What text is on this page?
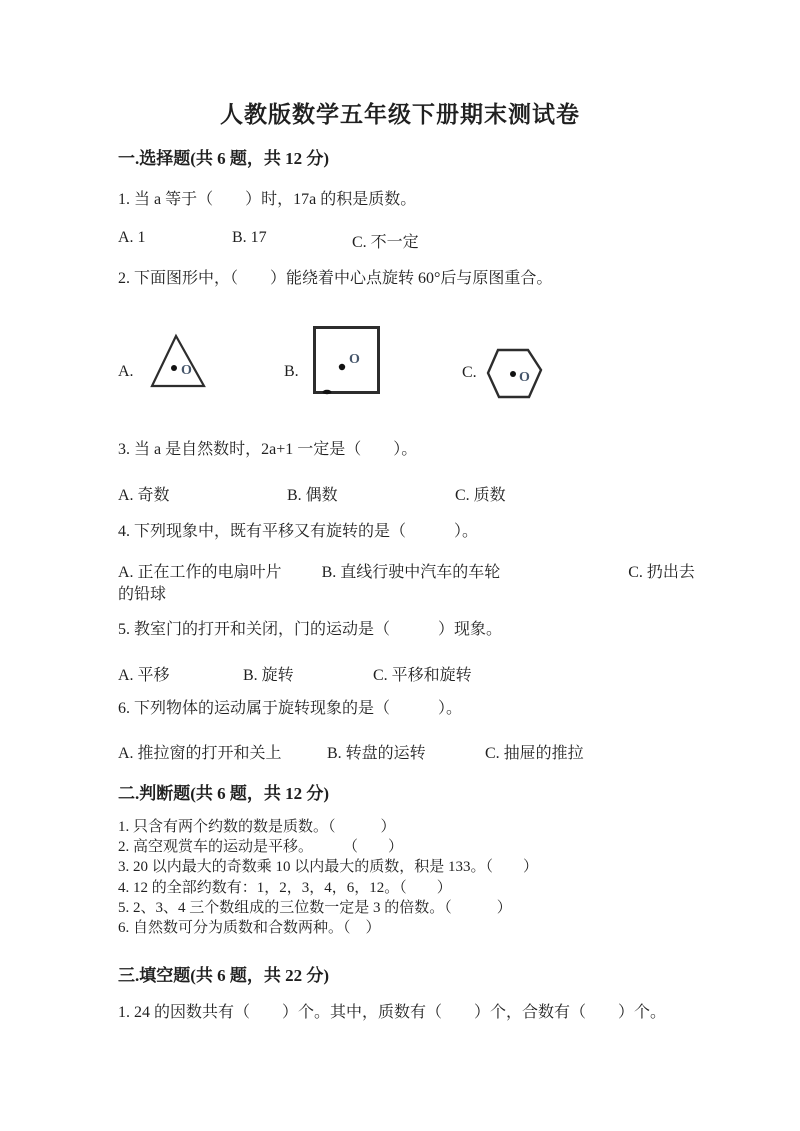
人教版数学五年级下册期末测试卷
一.选择题(共 6 题，共 12 分)
1. 当 a 等于（　　）时，17a 的积是质数。
A. 1	B. 17	C. 不一定
2. 下面图形中，（　　）能绕着中心点旋转 60°后与原图重合。
A.	O	B.
O
C.	O
3. 当 a 是自然数时，2a+1 一定是（　　）。
A. 奇数	B. 偶数	C. 质数
4. 下列现象中，既有平移又有旋转的是（　　　）。
A. 正在工作的电扇叶片	B. 直线行驶中汽车的车轮	C. 扔出去的铅球
5. 教室门的打开和关闭，门的运动是（　　　）现象。
A. 平移	B. 旋转	C. 平移和旋转
6. 下列物体的运动属于旋转现象的是（　　　）。
A. 推拉窗的打开和关上	B. 转盘的运转	C. 抽屉的推拉
二.判断题(共 6 题，共 12 分)
1. 只含有两个约数的数是质数。（　　　）
2. 高空观赏车的运动是平移。　　　（　　）
3. 20 以内最大的奇数乘 10 以内最大的质数，积是 133。（　　）
4. 12 的全部约数有：1，2，3，4，6，12。（　　）
5. 2、3、4 三个数组成的三位数一定是 3 的倍数。（　　　）
6. 自然数可分为质数和合数两种。（　）
三.填空题(共 6 题，共 22 分)
1. 24 的因数共有（　　）个。其中，质数有（　　）个，合数有（　　）个。
